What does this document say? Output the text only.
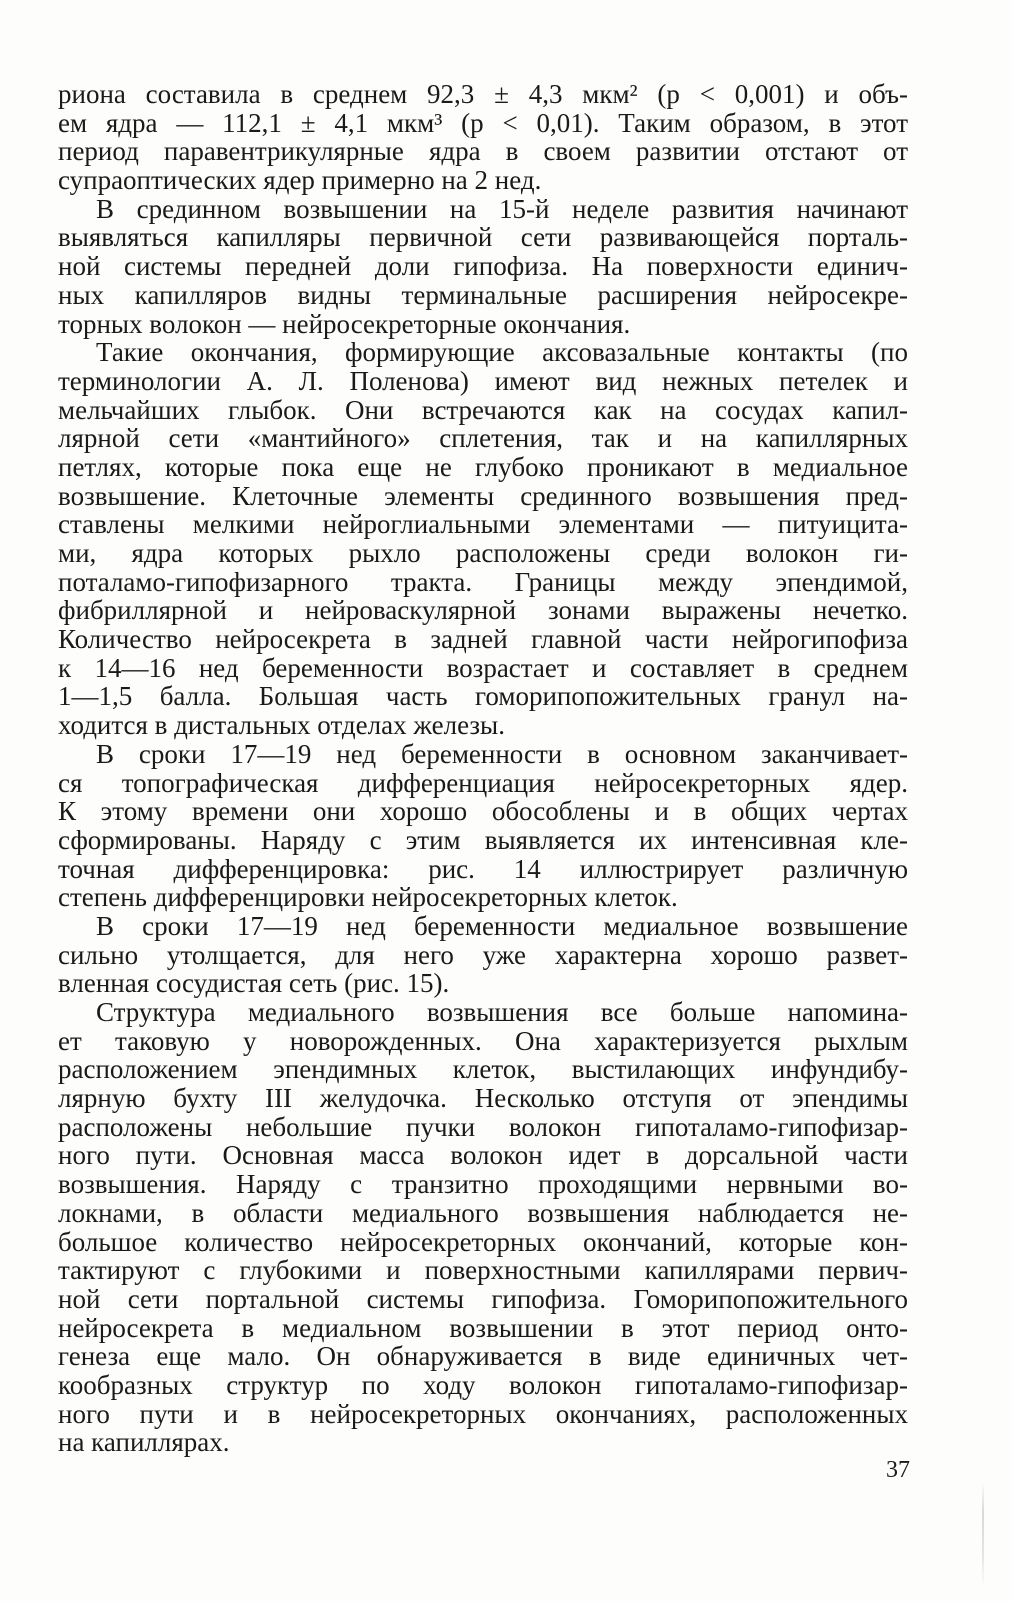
риона составила в среднем 92,3 ± 4,3 мкм² (p < 0,001) и объ-
ем ядра — 112,1 ± 4,1 мкм³ (p < 0,01). Таким образом, в этот
период паравентрикулярные ядра в своем развитии отстают от
супраоптических ядер примерно на 2 нед.
В срединном возвышении на 15-й неделе развития начинают
выявляться капилляры первичной сети развивающейся порталь-
ной системы передней доли гипофиза. На поверхности единич-
ных капилляров видны терминальные расширения нейросекре-
торных волокон — нейросекреторные окончания.
Такие окончания, формирующие аксовазальные контакты (по
терминологии А. Л. Поленова) имеют вид нежных петелек и
мельчайших глыбок. Они встречаются как на сосудах капил-
лярной сети «мантийного» сплетения, так и на капиллярных
петлях, которые пока еще не глубоко проникают в медиальное
возвышение. Клеточные элементы срединного возвышения пред-
ставлены мелкими нейроглиальными элементами — питуицита-
ми, ядра которых рыхло расположены среди волокон ги-
поталамо-гипофизарного тракта. Границы между эпендимой,
фибриллярной и нейроваскулярной зонами выражены нечетко.
Количество нейросекрета в задней главной части нейрогипофиза
к 14—16 нед беременности возрастает и составляет в среднем
1—1,5 балла. Большая часть гоморипопожительных гранул на-
ходится в дистальных отделах железы.
В сроки 17—19 нед беременности в основном заканчивает-
ся топографическая дифференциация нейросекреторных ядер.
К этому времени они хорошо обособлены и в общих чертах
сформированы. Наряду с этим выявляется их интенсивная кле-
точная дифференцировка: рис. 14 иллюстрирует различную
степень дифференцировки нейросекреторных клеток.
В сроки 17—19 нед беременности медиальное возвышение
сильно утолщается, для него уже характерна хорошо развет-
вленная сосудистая сеть (рис. 15).
Структура медиального возвышения все больше напомина-
ет таковую у новорожденных. Она характеризуется рыхлым
расположением эпендимных клеток, выстилающих инфундибу-
лярную бухту III желудочка. Несколько отступя от эпендимы
расположены небольшие пучки волокон гипоталамо-гипофизар-
ного пути. Основная масса волокон идет в дорсальной части
возвышения. Наряду с транзитно проходящими нервными во-
локнами, в области медиального возвышения наблюдается не-
большое количество нейросекреторных окончаний, которые кон-
тактируют с глубокими и поверхностными капиллярами первич-
ной сети портальной системы гипофиза. Гоморипопожительного
нейросекрета в медиальном возвышении в этот период онто-
генеза еще мало. Он обнаруживается в виде единичных чет-
кообразных структур по ходу волокон гипоталамо-гипофизар-
ного пути и в нейросекреторных окончаниях, расположенных
на капиллярах.
37
